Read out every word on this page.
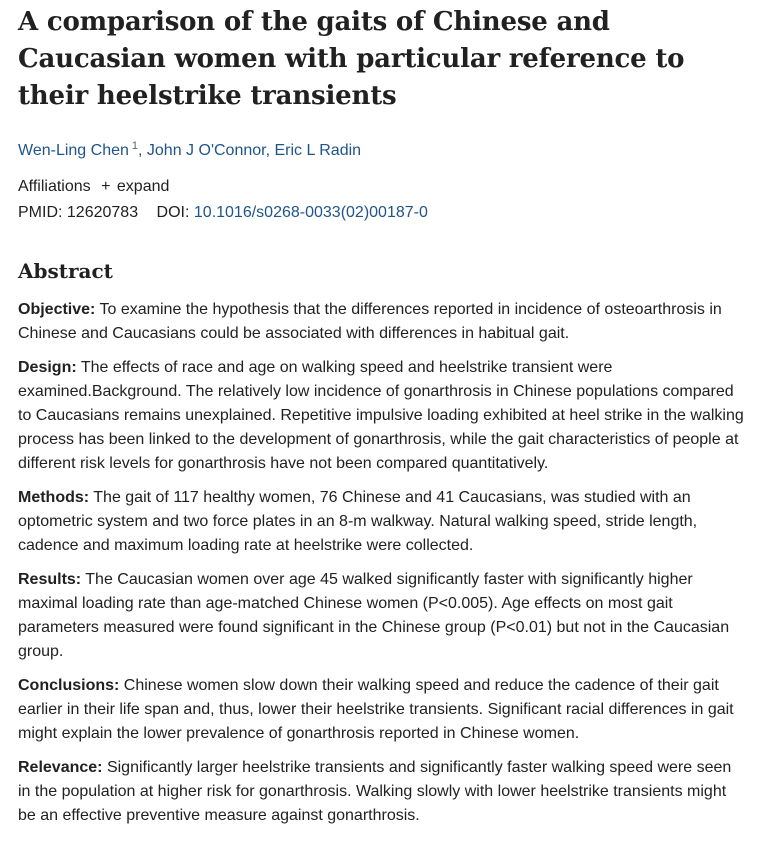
A comparison of the gaits of Chinese and Caucasian women with particular reference to their heelstrike transients
Wen-Ling Chen $^1$, John J O'Connor, Eric L Radin
Affiliations + expand
PMID: 12620783 DOI: 10.1016/s0268-0033(02)00187-0
Abstract

Objective: To examine the hypothesis that the differences reported in incidence of osteoarthrosis in Chinese and Caucasians could be associated with differences in habitual gait.

Design: The effects of race and age on walking speed and heelstrike transient were examined.Background. The relatively low incidence of gonarthrosis in Chinese populations compared to Caucasians remains unexplained. Repetitive impulsive loading exhibited at heel strike in the walking process has been linked to the development of gonarthrosis, while the gait characteristics of people at different risk levels for gonarthrosis have not been compared quantitatively.

Methods: The gait of 117 healthy women, 76 Chinese and 41 Caucasians, was studied with an optometric system and two force plates in an 8-m walkway. Natural walking speed, stride length, cadence and maximum loading rate at heelstrike were collected.

Results: The Caucasian women over age 45 walked significantly faster with significantly higher maximal loading rate than age-matched Chinese women (P<0.005). Age effects on most gait parameters measured were found significant in the Chinese group (P<0.01) but not in the Caucasian group.

Conclusions: Chinese women slow down their walking speed and reduce the cadence of their gait earlier in their life span and, thus, lower their heelstrike transients. Significant racial differences in gait might explain the lower prevalence of gonarthrosis reported in Chinese women.

Relevance: Significantly larger heelstrike transients and significantly faster walking speed were seen in the population at higher risk for gonarthrosis. Walking slowly with lower heelstrike transients might be an effective preventive measure against gonarthrosis.
